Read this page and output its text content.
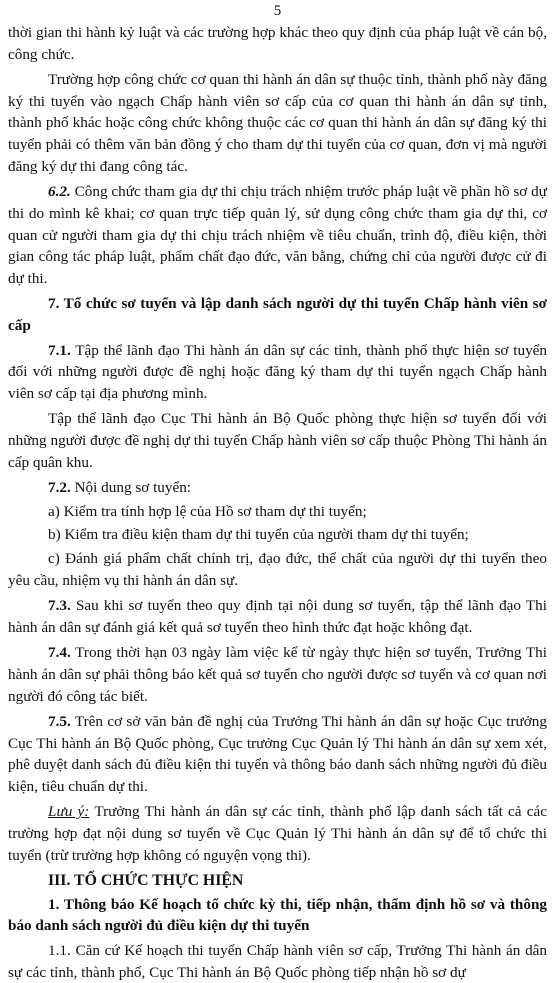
5

thời gian thi hành kỷ luật và các trường hợp khác theo quy định của pháp luật về cán bộ, công chức.

Trường hợp công chức cơ quan thi hành án dân sự thuộc tỉnh, thành phố này đăng ký thi tuyển vào ngạch Chấp hành viên sơ cấp của cơ quan thi hành án dân sự tỉnh, thành phố khác hoặc công chức không thuộc các cơ quan thi hành án dân sự đăng ký thi tuyển phải có thêm văn bản đồng ý cho tham dự thi tuyển của cơ quan, đơn vị mà người đăng ký dự thi đang công tác.

6.2. Công chức tham gia dự thi chịu trách nhiệm trước pháp luật về phần hồ sơ dự thi do mình kê khai; cơ quan trực tiếp quản lý, sử dụng công chức tham gia dự thi, cơ quan cử người tham gia dự thi chịu trách nhiệm về tiêu chuẩn, trình độ, điều kiện, thời gian công tác pháp luật, phẩm chất đạo đức, văn bằng, chứng chỉ của người được cử đi dự thi.

7. Tổ chức sơ tuyển và lập danh sách người dự thi tuyển Chấp hành viên sơ cấp

7.1. Tập thể lãnh đạo Thi hành án dân sự các tỉnh, thành phố thực hiện sơ tuyển đối với những người được đề nghị hoặc đăng ký tham dự thi tuyển ngạch Chấp hành viên sơ cấp tại địa phương mình.

Tập thể lãnh đạo Cục Thi hành án Bộ Quốc phòng thực hiện sơ tuyển đối với những người được đề nghị dự thi tuyển Chấp hành viên sơ cấp thuộc Phòng Thi hành án cấp quân khu.

7.2. Nội dung sơ tuyển:

a) Kiểm tra tính hợp lệ của Hồ sơ tham dự thi tuyển;

b) Kiểm tra điều kiện tham dự thi tuyển của người tham dự thi tuyển;

c) Đánh giá phẩm chất chính trị, đạo đức, thể chất của người dự thi tuyển theo yêu cầu, nhiệm vụ thi hành án dân sự.

7.3. Sau khi sơ tuyển theo quy định tại nội dung sơ tuyển, tập thể lãnh đạo Thi hành án dân sự đánh giá kết quả sơ tuyển theo hình thức đạt hoặc không đạt.

7.4. Trong thời hạn 03 ngày làm việc kể từ ngày thực hiện sơ tuyển, Trưởng Thi hành án dân sự phải thông báo kết quả sơ tuyển cho người được sơ tuyển và cơ quan nơi người đó công tác biết.

7.5. Trên cơ sở văn bản đề nghị của Trưởng Thi hành án dân sự hoặc Cục trưởng Cục Thi hành án Bộ Quốc phòng, Cục trưởng Cục Quản lý Thi hành án dân sự xem xét, phê duyệt danh sách đủ điều kiện thi tuyển và thông báo danh sách những người đủ điều kiện, tiêu chuẩn dự thi.

Lưu ý: Trưởng Thi hành án dân sự các tỉnh, thành phố lập danh sách tất cả các trường hợp đạt nội dung sơ tuyển về Cục Quản lý Thi hành án dân sự để tổ chức thi tuyển (trừ trường hợp không có nguyện vọng thi).

III. TỔ CHỨC THỰC HIỆN

1. Thông báo Kế hoạch tổ chức kỳ thi, tiếp nhận, thẩm định hồ sơ và thông báo danh sách người đủ điều kiện dự thi tuyển

1.1. Căn cứ Kế hoạch thi tuyển Chấp hành viên sơ cấp, Trưởng Thi hành án dân sự các tỉnh, thành phố, Cục Thi hành án Bộ Quốc phòng tiếp nhận hồ sơ dự
